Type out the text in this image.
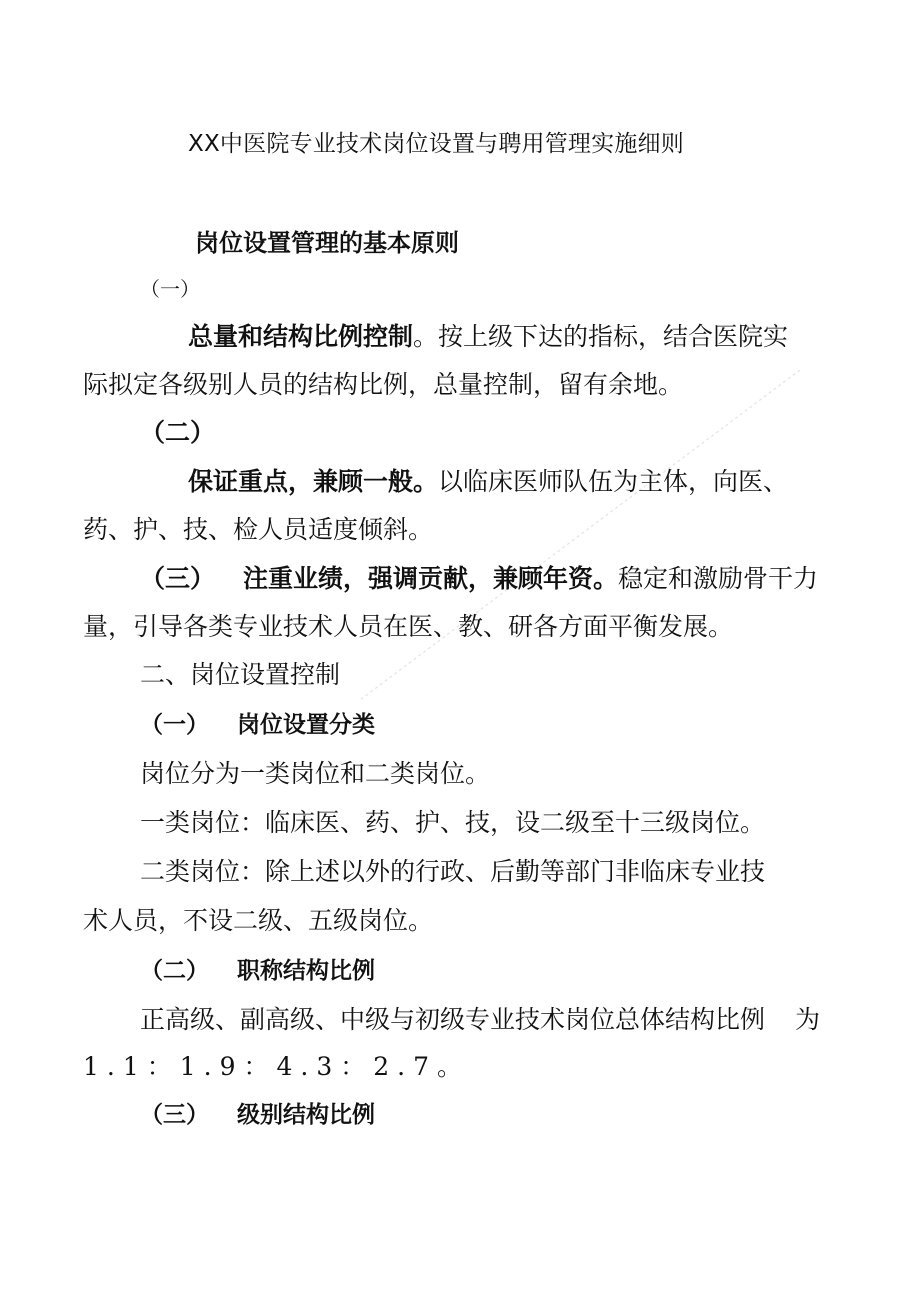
XX中医院专业技术岗位设置与聘用管理实施细则
岗位设置管理的基本原则
（一）
总量和结构比例控制。按上级下达的指标，结合医院实
际拟定各级别人员的结构比例，总量控制，留有余地。
（二）
保证重点，兼顾一般。以临床医师队伍为主体，向医、
药、护、技、检人员适度倾斜。
（三） 注重业绩，强调贡献，兼顾年资。稳定和激励骨干力
量，引导各类专业技术人员在医、教、研各方面平衡发展。
二、岗位设置控制
（一） 岗位设置分类
岗位分为一类岗位和二类岗位。
一类岗位：临床医、药、护、技，设二级至十三级岗位。
二类岗位：除上述以外的行政、后勤等部门非临床专业技
术人员，不设二级、五级岗位。
（二） 职称结构比例
正高级、副高级、中级与初级专业技术岗位总体结构比例 为
1.1：1.9：4.3：2.7。
（三） 级别结构比例
